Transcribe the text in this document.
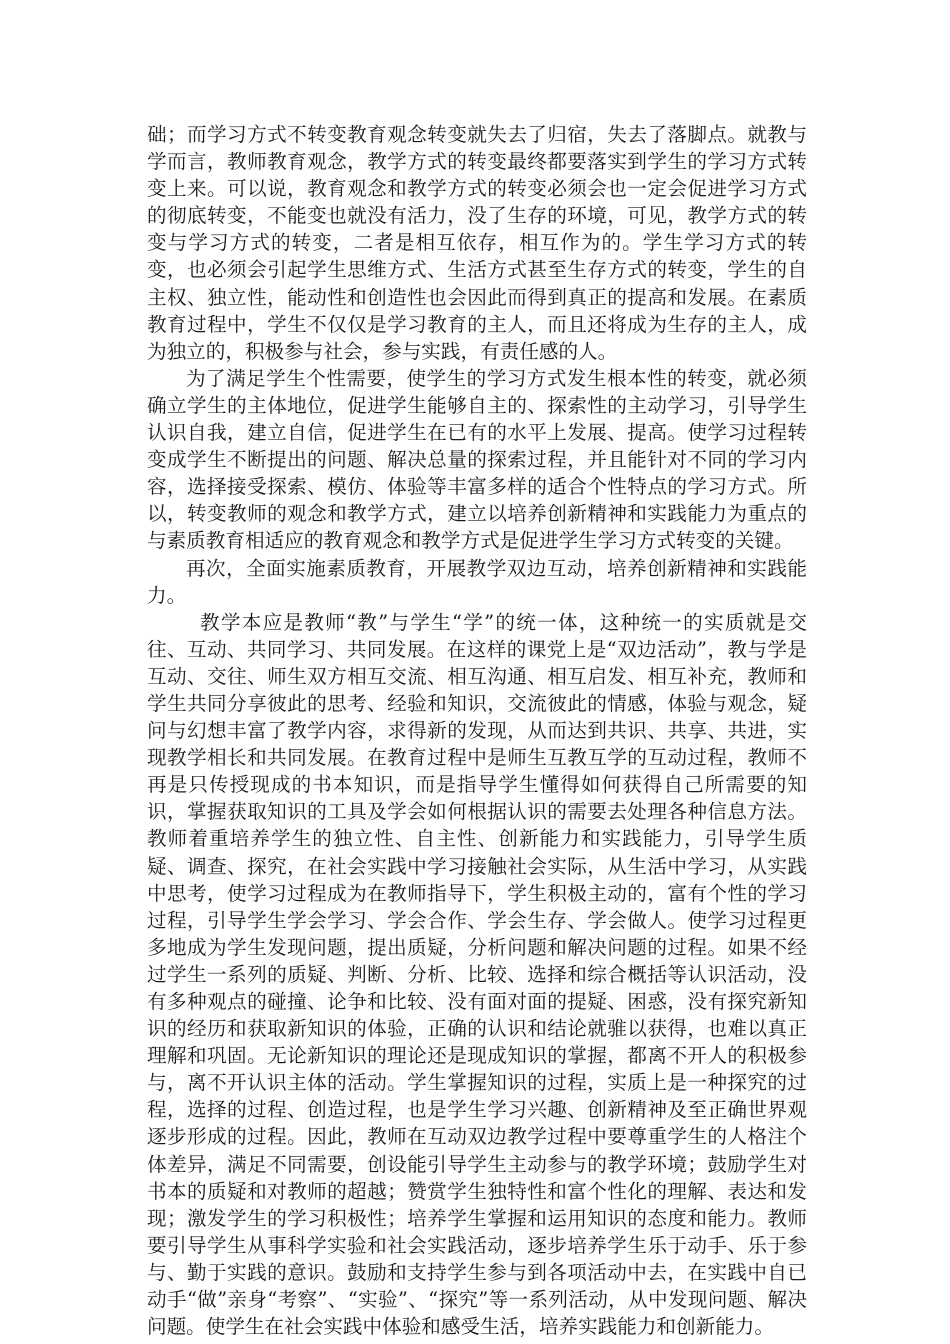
础；而学习方式不转变教育观念转变就失去了归宿，失去了落脚点。就教与学而言，教师教育观念，教学方式的转变最终都要落实到学生的学习方式转变上来。可以说，教育观念和教学方式的转变必须会也一定会促进学习方式的彻底转变，不能变也就没有活力，没了生存的环境，可见，教学方式的转变与学习方式的转变，二者是相互依存，相互作为的。学生学习方式的转变，也必须会引起学生思维方式、生活方式甚至生存方式的转变，学生的自主权、独立性，能动性和创造性也会因此而得到真正的提高和发展。在素质教育过程中，学生不仅仅是学习教育的主人，而且还将成为生存的主人，成为独立的，积极参与社会，参与实践，有责任感的人。

为了满足学生个性需要，使学生的学习方式发生根本性的转变，就必须确立学生的主体地位，促进学生能够自主的、探索性的主动学习，引导学生认识自我，建立自信，促进学生在已有的水平上发展、提高。使学习过程转变成学生不断提出的问题、解决总量的探索过程，并且能针对不同的学习内容，选择接受探索、模仿、体验等丰富多样的适合个性特点的学习方式。所以，转变教师的观念和教学方式，建立以培养创新精神和实践能力为重点的与素质教育相适应的教育观念和教学方式是促进学生学习方式转变的关键。

再次，全面实施素质教育，开展教学双边互动，培养创新精神和实践能力。

教学本应是教师“教”与学生“学”的统一体，这种统一的实质就是交往、互动、共同学习、共同发展。在这样的课党上是“双边活动”，教与学是互动、交往、师生双方相互交流、相互沟通、相互启发、相互补充，教师和学生共同分享彼此的思考、经验和知识，交流彼此的情感，体验与观念，疑问与幻想丰富了教学内容，求得新的发现，从而达到共识、共享、共进，实现教学相长和共同发展。在教育过程中是师生互教互学的互动过程，教师不再是只传授现成的书本知识，而是指导学生懂得如何获得自己所需要的知识，掌握获取知识的工具及学会如何根据认识的需要去处理各种信息方法。教师着重培养学生的独立性、自主性、创新能力和实践能力，引导学生质疑、调查、探究，在社会实践中学习接触社会实际，从生活中学习，从实践中思考，使学习过程成为在教师指导下，学生积极主动的，富有个性的学习过程，引导学生学会学习、学会合作、学会生存、学会做人。使学习过程更多地成为学生发现问题，提出质疑，分析问题和解决问题的过程。如果不经过学生一系列的质疑、判断、分析、比较、选择和综合概括等认识活动，没有多种观点的碰撞、论争和比较、没有面对面的提疑、困惑，没有探究新知识的经历和获取新知识的体验，正确的认识和结论就骓以获得，也难以真正理解和巩固。无论新知识的理论还是现成知识的掌握，都离不开人的积极参与，离不开认识主体的活动。学生掌握知识的过程，实质上是一种探究的过程，选择的过程、创造过程，也是学生学习兴趣、创新精神及至正确世界观逐步形成的过程。因此，教师在互动双边教学过程中要尊重学生的人格注个体差异，满足不同需要，创设能引导学生主动参与的教学环境；鼓励学生对书本的质疑和对教师的超越；赞赏学生独特性和富个性化的理解、表达和发现；激发学生的学习积极性；培养学生掌握和运用知识的态度和能力。教师要引导学生从事科学实验和社会实践活动，逐步培养学生乐于动手、乐于参与、勤于实践的意识。鼓励和支持学生参与到各项活动中去，在实践中自已动手“做”亲身“考察”、“实验”、“探究”等一系列活动，从中发现问题、解决问题。使学生在社会实践中体验和感受生活，培养实践能力和创新能力。
